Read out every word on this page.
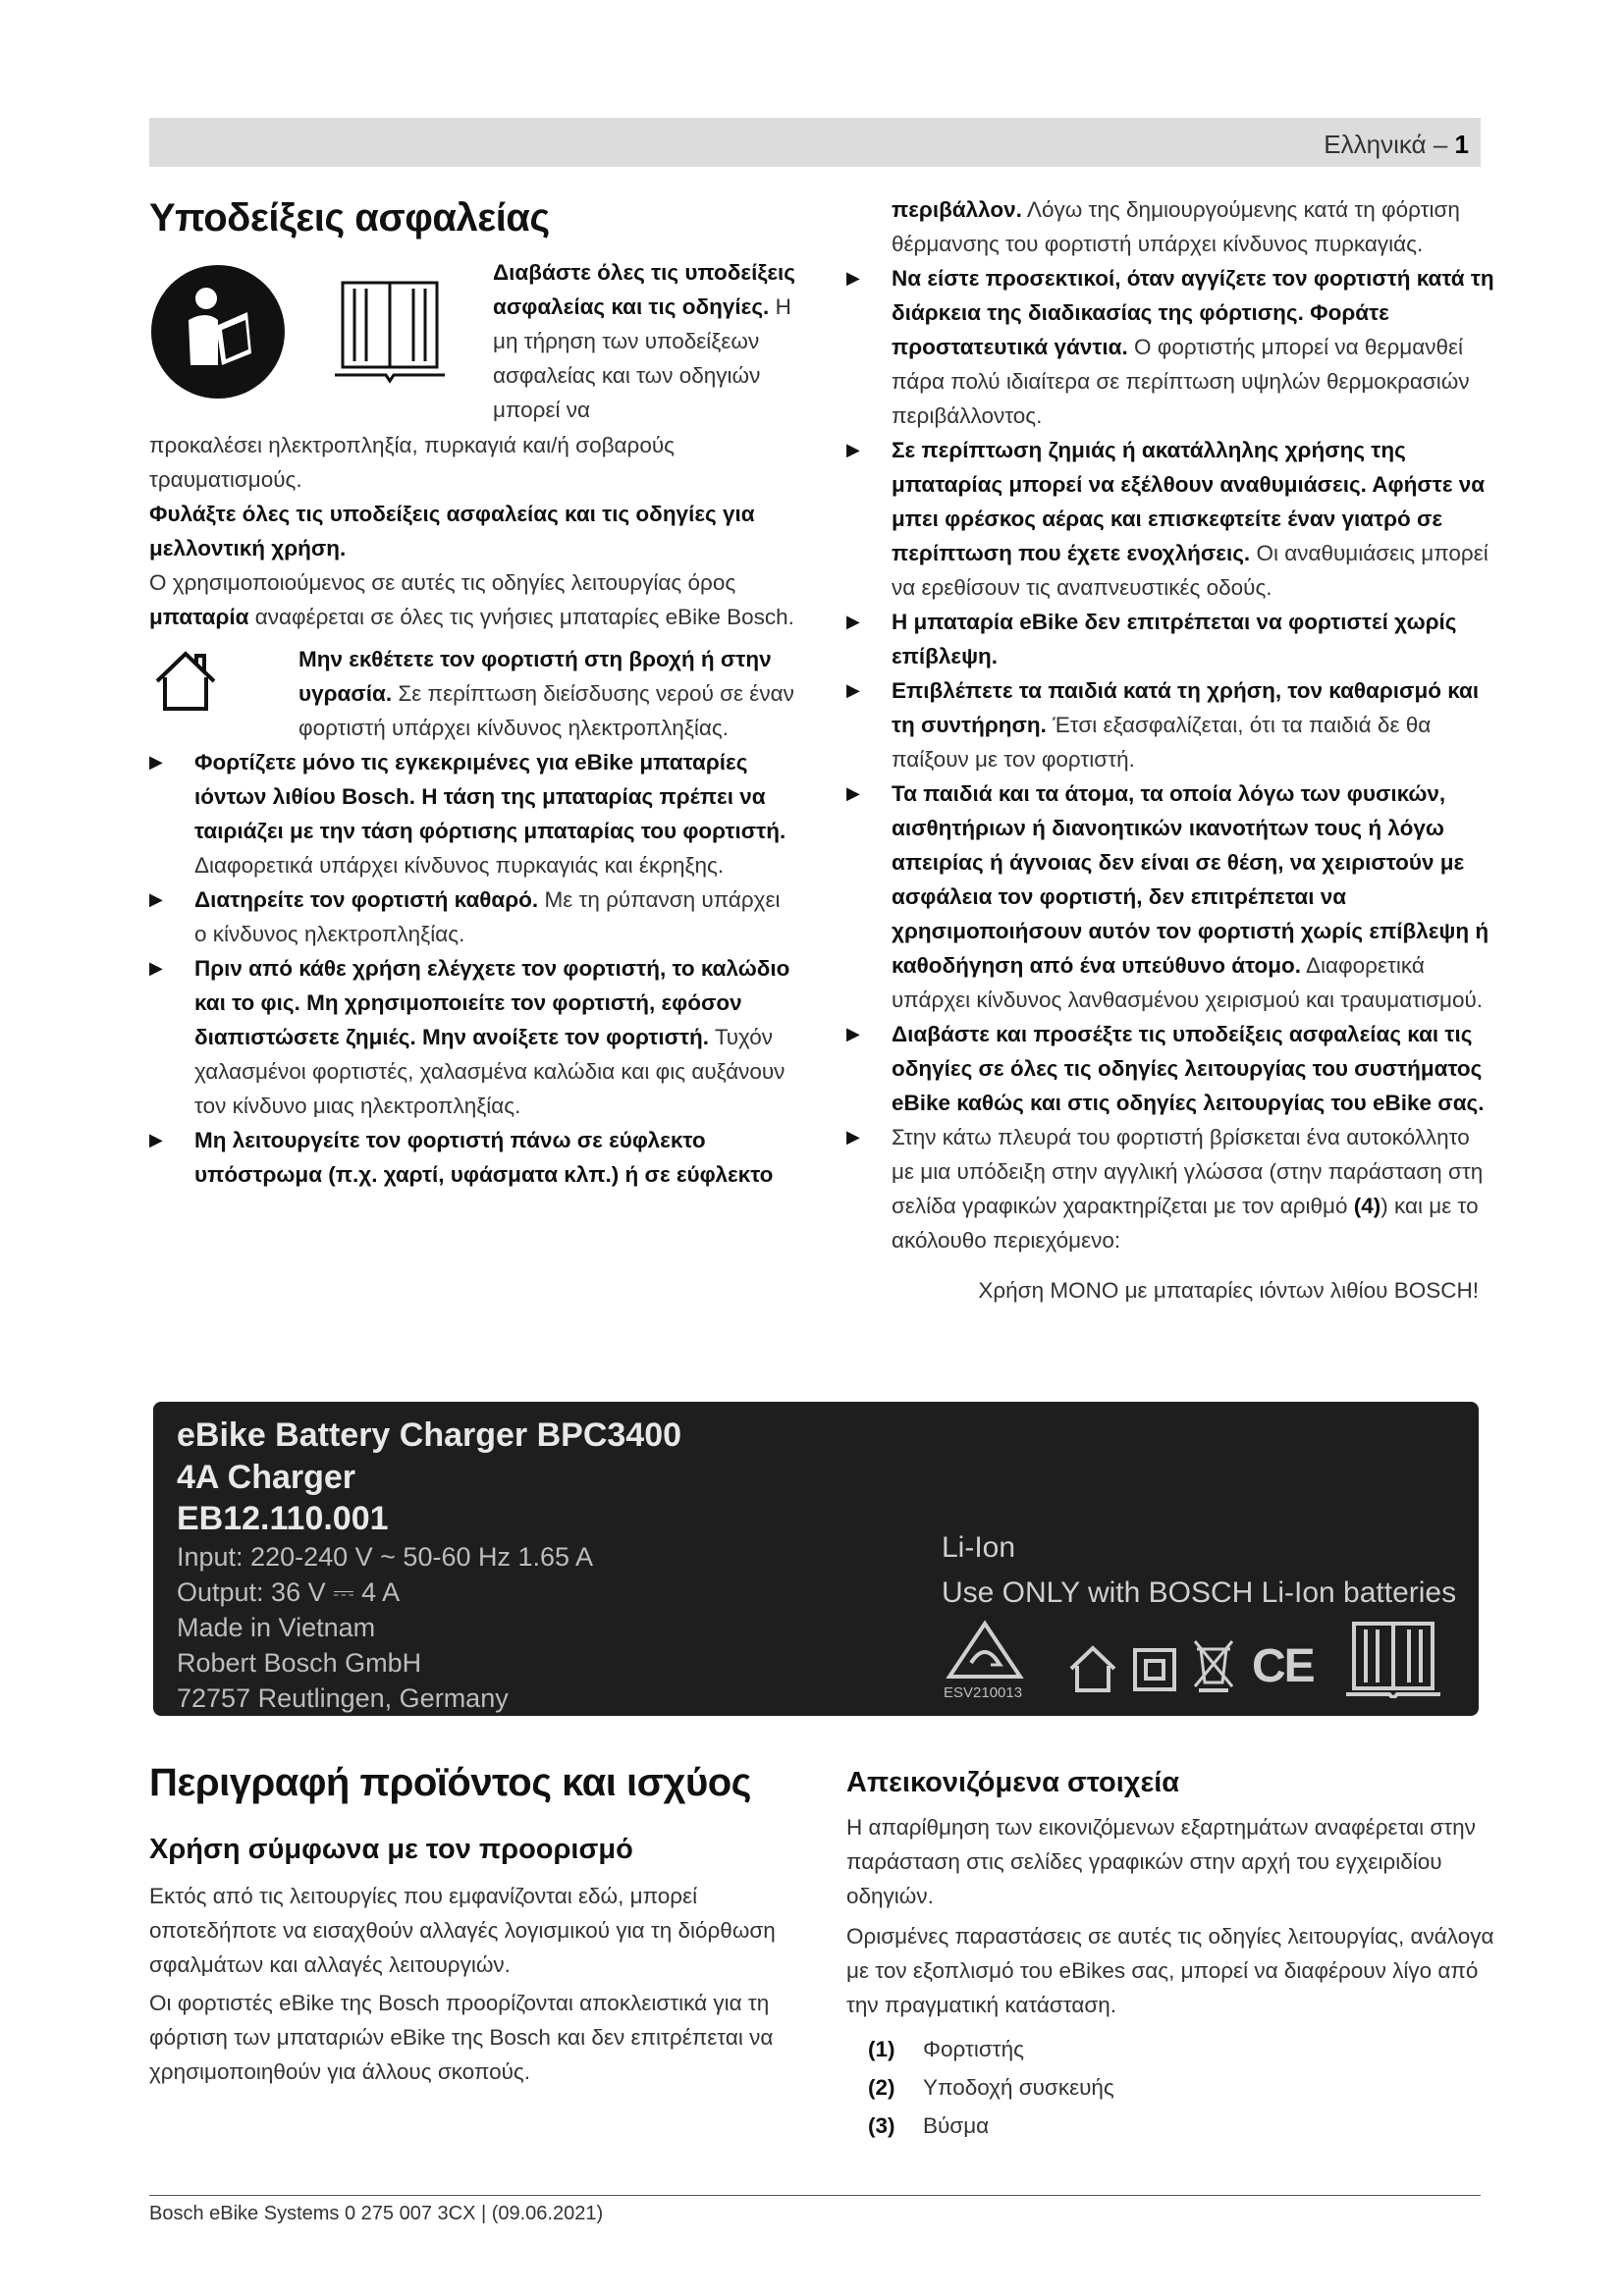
Ελληνικά – 1
Υποδείξεις ασφαλείας

Διαβάστε όλες τις υποδείξεις ασφαλείας και τις οδηγίες. Η μη τήρηση των υποδείξεων ασφαλείας και των οδηγιών μπορεί να

προκαλέσει ηλεκτροπληξία, πυρκαγιά και/ή σοβαρούς τραυματισμούς.

Φυλάξτε όλες τις υποδείξεις ασφαλείας και τις οδηγίες για μελλοντική χρήση.

Ο χρησιμοποιούμενος σε αυτές τις οδηγίες λειτουργίας όρος μπαταρία αναφέρεται σε όλες τις γνήσιες μπαταρίες eBike Bosch.

Μην εκθέτετε τον φορτιστή στη βροχή ή στην υγρασία. Σε περίπτωση διείσδυσης νερού σε έναν φορτιστή υπάρχει κίνδυνος ηλεκτροπληξίας.

▶ Φορτίζετε μόνο τις εγκεκριμένες για eBike μπαταρίες ιόντων λιθίου Bosch. Η τάση της μπαταρίας πρέπει να ταιριάζει με την τάση φόρτισης μπαταρίας του φορτιστή. Διαφορετικά υπάρχει κίνδυνος πυρκαγιάς και έκρηξης.
▶ Διατηρείτε τον φορτιστή καθαρό. Με τη ρύπανση υπάρχει ο κίνδυνος ηλεκτροπληξίας.
▶ Πριν από κάθε χρήση ελέγχετε τον φορτιστή, το καλώδιο και το φις. Μη χρησιμοποιείτε τον φορτιστή, εφόσον διαπιστώσετε ζημιές. Μην ανοίξετε τον φορτιστή. Τυχόν χαλασμένοι φορτιστές, χαλασμένα καλώδια και φις αυξάνουν τον κίνδυνο μιας ηλεκτροπληξίας.
▶ Μη λειτουργείτε τον φορτιστή πάνω σε εύφλεκτο υπόστρωμα (π.χ. χαρτί, υφάσματα κλπ.) ή σε εύφλεκτο

περιβάλλον. Λόγω της δημιουργούμενης κατά τη φόρτιση θέρμανσης του φορτιστή υπάρχει κίνδυνος πυρκαγιάς.

▶ Να είστε προσεκτικοί, όταν αγγίζετε τον φορτιστή κατά τη διάρκεια της διαδικασίας της φόρτισης. Φοράτε προστατευτικά γάντια. Ο φορτιστής μπορεί να θερμανθεί πάρα πολύ ιδιαίτερα σε περίπτωση υψηλών θερμοκρασιών περιβάλλοντος.
▶ Σε περίπτωση ζημιάς ή ακατάλληλης χρήσης της μπαταρίας μπορεί να εξέλθουν αναθυμιάσεις. Αφήστε να μπει φρέσκος αέρας και επισκεφτείτε έναν γιατρό σε περίπτωση που έχετε ενοχλήσεις. Οι αναθυμιάσεις μπορεί να ερεθίσουν τις αναπνευστικές οδούς.
▶ Η μπαταρία eBike δεν επιτρέπεται να φορτιστεί χωρίς επίβλεψη.
▶ Επιβλέπετε τα παιδιά κατά τη χρήση, τον καθαρισμό και τη συντήρηση. Έτσι εξασφαλίζεται, ότι τα παιδιά δε θα παίξουν με τον φορτιστή.
▶ Τα παιδιά και τα άτομα, τα οποία λόγω των φυσικών, αισθητήριων ή διανοητικών ικανοτήτων τους ή λόγω απειρίας ή άγνοιας δεν είναι σε θέση, να χειριστούν με ασφάλεια τον φορτιστή, δεν επιτρέπεται να χρησιμοποιήσουν αυτόν τον φορτιστή χωρίς επίβλεψη ή καθοδήγηση από ένα υπεύθυνο άτομο. Διαφορετικά υπάρχει κίνδυνος λανθασμένου χειρισμού και τραυματισμού.
▶ Διαβάστε και προσέξτε τις υποδείξεις ασφαλείας και τις οδηγίες σε όλες τις οδηγίες λειτουργίας του συστήματος eBike καθώς και στις οδηγίες λειτουργίας του eBike σας.
▶ Στην κάτω πλευρά του φορτιστή βρίσκεται ένα αυτοκόλλητο με μια υπόδειξη στην αγγλική γλώσσα (στην παράσταση στη σελίδα γραφικών χαρακτηρίζεται με τον αριθμό (4)) και με το ακόλουθο περιεχόμενο:

Χρήση ΜΟΝΟ με μπαταρίες ιόντων λιθίου BOSCH!

eBike Battery Charger BPC3400
4A Charger
EB12.110.001
Input: 220-240 V ~ 50-60 Hz 1.65 A
Output: 36 V ⎓ 4 A
Made in Vietnam
Robert Bosch GmbH
72757 Reutlingen, Germany
Li-Ion
Use ONLY with BOSCH Li-Ion batteries
ESV210013
CE
Περιγραφή προϊόντος και ισχύος
Χρήση σύμφωνα με τον προορισμό

Εκτός από τις λειτουργίες που εμφανίζονται εδώ, μπορεί οποτεδήποτε να εισαχθούν αλλαγές λογισμικού για τη διόρθωση σφαλμάτων και αλλαγές λειτουργιών.

Οι φορτιστές eBike της Bosch προορίζονται αποκλειστικά για τη φόρτιση των μπαταριών eBike της Bosch και δεν επιτρέπεται να χρησιμοποιηθούν για άλλους σκοπούς.

Απεικονιζόμενα στοιχεία

Η απαρίθμηση των εικονιζόμενων εξαρτημάτων αναφέρεται στην παράσταση στις σελίδες γραφικών στην αρχή του εγχειριδίου οδηγιών.

Ορισμένες παραστάσεις σε αυτές τις οδηγίες λειτουργίας, ανάλογα με τον εξοπλισμό του eBikes σας, μπορεί να διαφέρουν λίγο από την πραγματική κατάσταση.

(1) Φορτιστής
(2) Υποδοχή συσκευής
(3) Βύσμα
Bosch eBike Systems 0 275 007 3CX | (09.06.2021)
